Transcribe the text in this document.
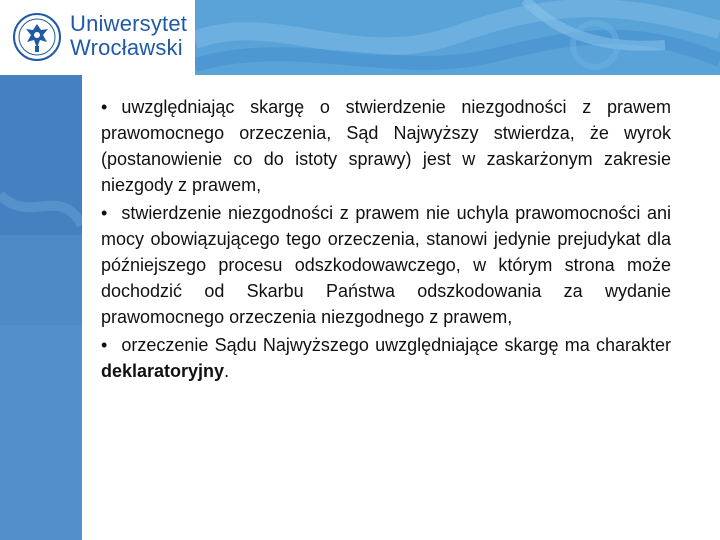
Uniwersytet
Wrocławski

• uwzględniając skargę o stwierdzenie niezgodności z prawem prawomocnego orzeczenia, Sąd Najwyższy stwierdza, że wyrok (postanowienie co do istoty sprawy) jest w zaskarżonym zakresie niezgody z prawem,

• stwierdzenie niezgodności z prawem nie uchyla prawomocności ani mocy obowiązującego tego orzeczenia, stanowi jedynie prejudykat dla późniejszego procesu odszkodowawczego, w którym strona może dochodzić od Skarbu Państwa odszkodowania za wydanie prawomocnego orzeczenia niezgodnego z prawem,

• orzeczenie Sądu Najwyższego uwzględniające skargę ma charakter deklaratoryjny.
